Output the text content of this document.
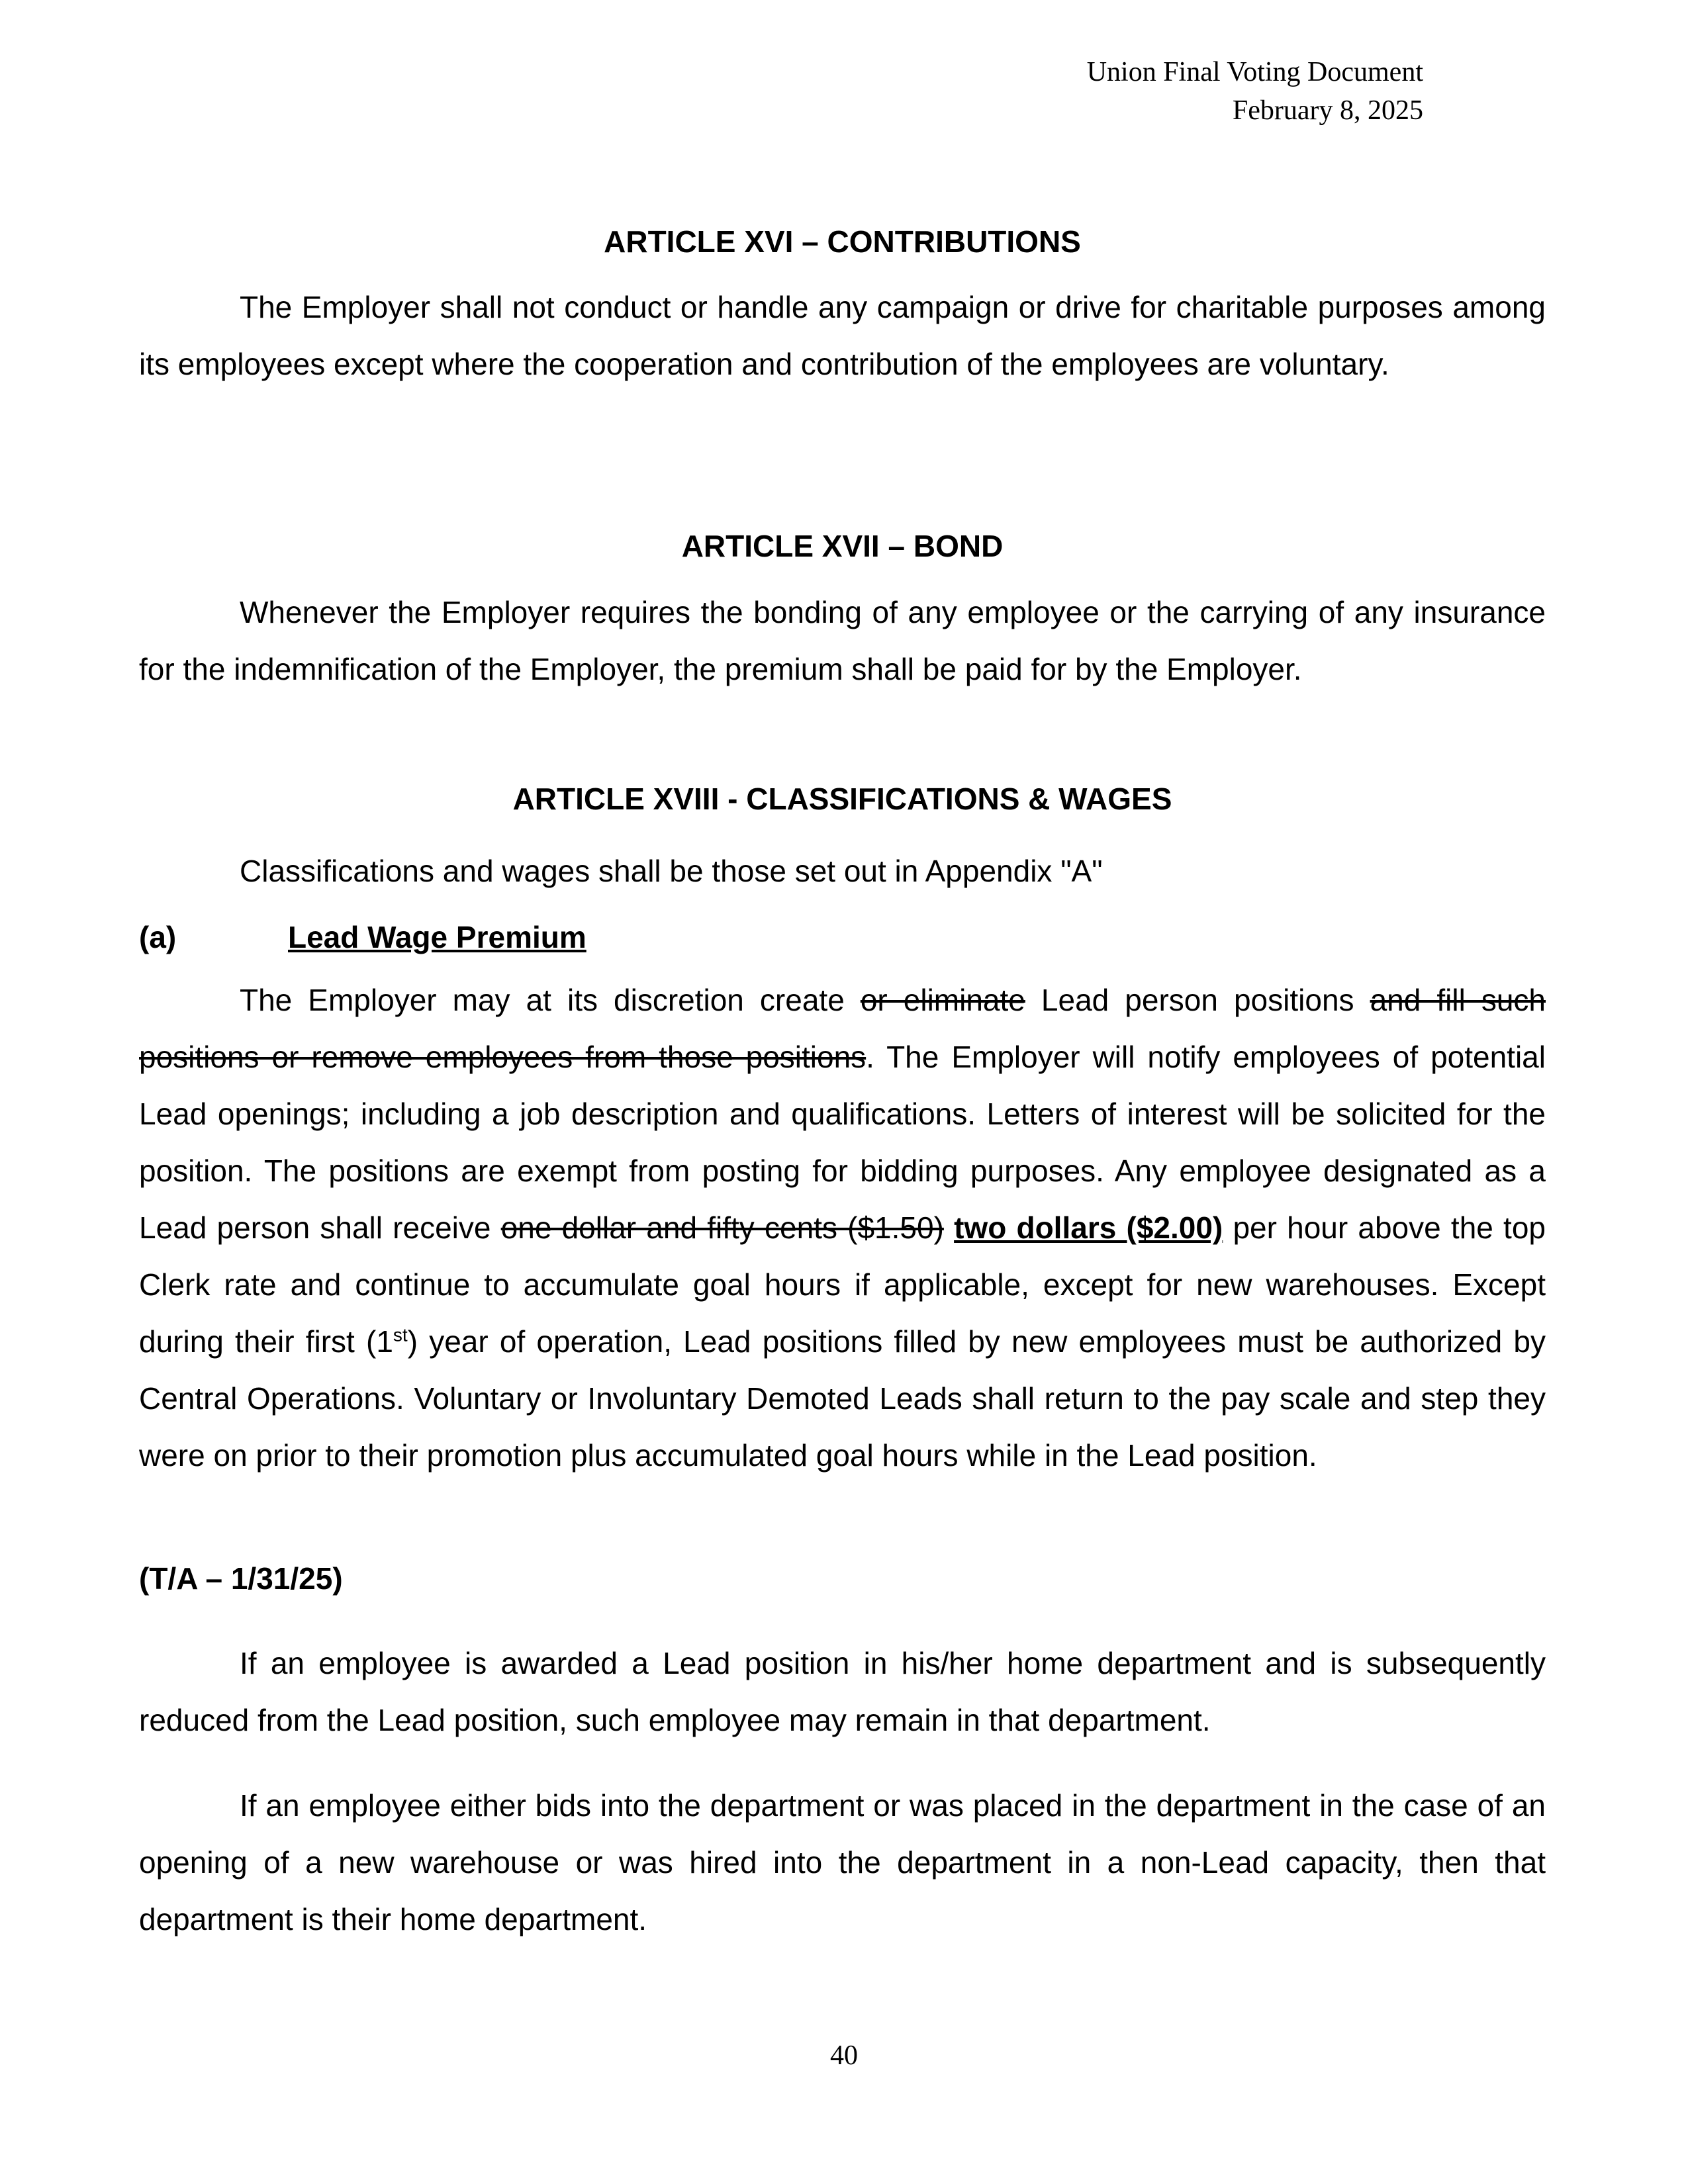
Union Final Voting Document
February 8, 2025
ARTICLE XVI – CONTRIBUTIONS

The Employer shall not conduct or handle any campaign or drive for charitable purposes among its employees except where the cooperation and contribution of the employees are voluntary.

ARTICLE XVII – BOND

Whenever the Employer requires the bonding of any employee or the carrying of any insurance for the indemnification of the Employer, the premium shall be paid for by the Employer.

ARTICLE XVIII - CLASSIFICATIONS & WAGES

Classifications and wages shall be those set out in Appendix "A"

(a)	Lead Wage Premium

The Employer may at its discretion create or eliminate Lead person positions and fill such positions or remove employees from those positions. The Employer will notify employees of potential Lead openings; including a job description and qualifications. Letters of interest will be solicited for the position. The positions are exempt from posting for bidding purposes. Any employee designated as a Lead person shall receive one dollar and fifty cents ($1.50) two dollars ($2.00) per hour above the top Clerk rate and continue to accumulate goal hours if applicable, except for new warehouses. Except during their first (1st) year of operation, Lead positions filled by new employees must be authorized by Central Operations. Voluntary or Involuntary Demoted Leads shall return to the pay scale and step they were on prior to their promotion plus accumulated goal hours while in the Lead position.

(T/A – 1/31/25)

If an employee is awarded a Lead position in his/her home department and is subsequently reduced from the Lead position, such employee may remain in that department.

If an employee either bids into the department or was placed in the department in the case of an opening of a new warehouse or was hired into the department in a non-Lead capacity, then that department is their home department.

40
